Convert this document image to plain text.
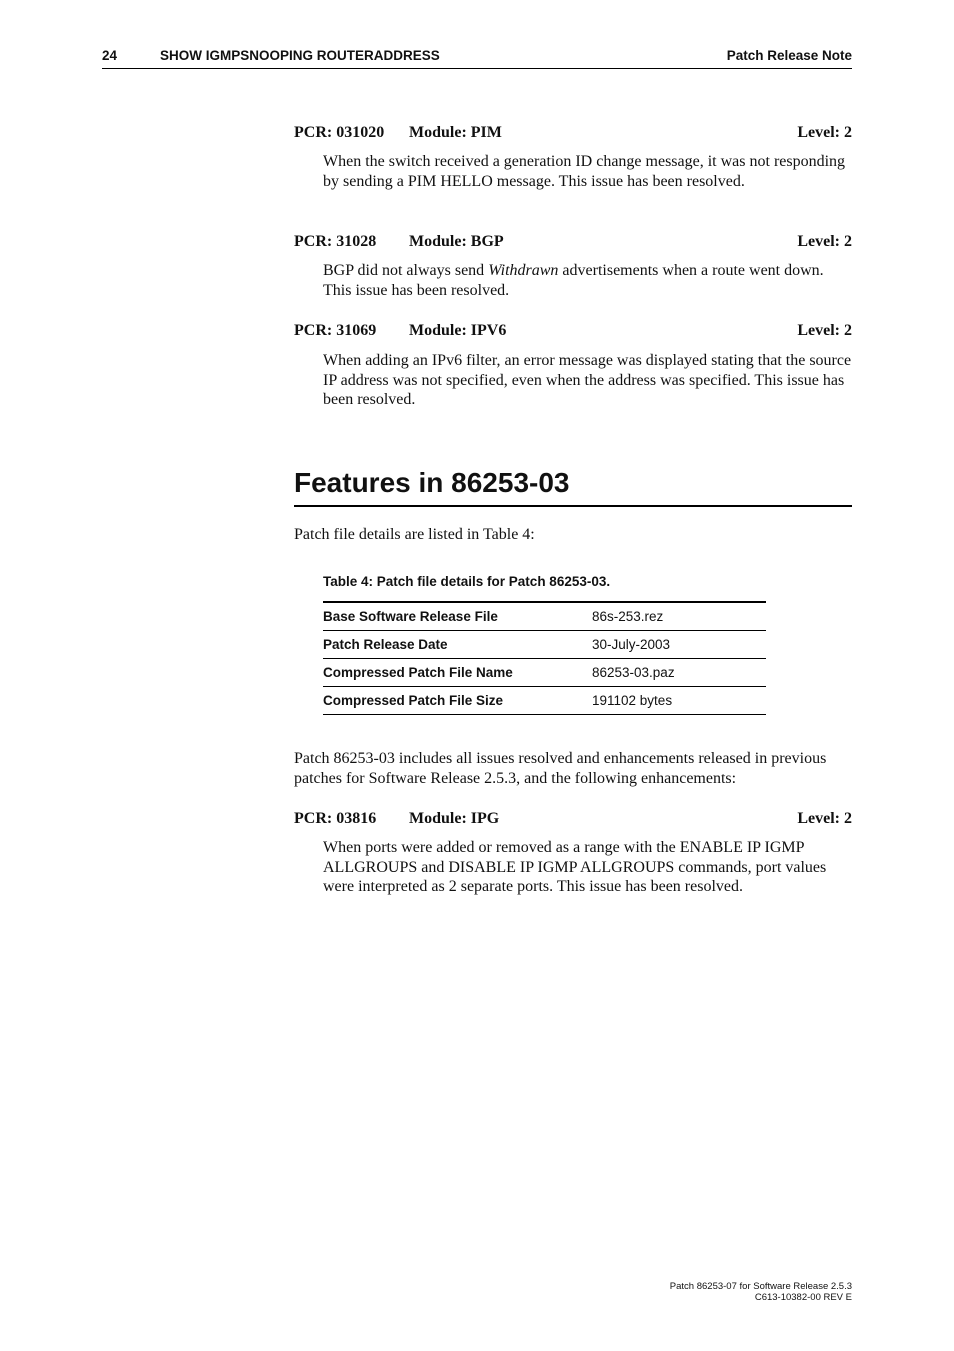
24	SHOW IGMPSNOOPING ROUTERADDRESS	Patch Release Note
PCR: 031020 Module: PIM	Level: 2

When the switch received a generation ID change message, it was not responding by sending a PIM HELLO message. This issue has been resolved.

PCR: 31028 Module: BGP	Level: 2

BGP did not always send Withdrawn advertisements when a route went down. This issue has been resolved.

PCR: 31069 Module: IPV6	Level: 2

When adding an IPv6 filter, an error message was displayed stating that the source IP address was not specified, even when the address was specified. This issue has been resolved.

Features in 86253-03

Patch file details are listed in Table 4:

Table 4: Patch file details for Patch 86253-03.
Base Software Release File	86s-253.rez
Patch Release Date	30-July-2003
Compressed Patch File Name	86253-03.paz
Compressed Patch File Size	191102 bytes

Patch 86253-03 includes all issues resolved and enhancements released in previous patches for Software Release 2.5.3, and the following enhancements:

PCR: 03816 Module: IPG	Level: 2

When ports were added or removed as a range with the ENABLE IP IGMP ALLGROUPS and DISABLE IP IGMP ALLGROUPS commands, port values were interpreted as 2 separate ports. This issue has been resolved.

Patch 86253-07 for Software Release 2.5.3
C613-10382-00 REV E
